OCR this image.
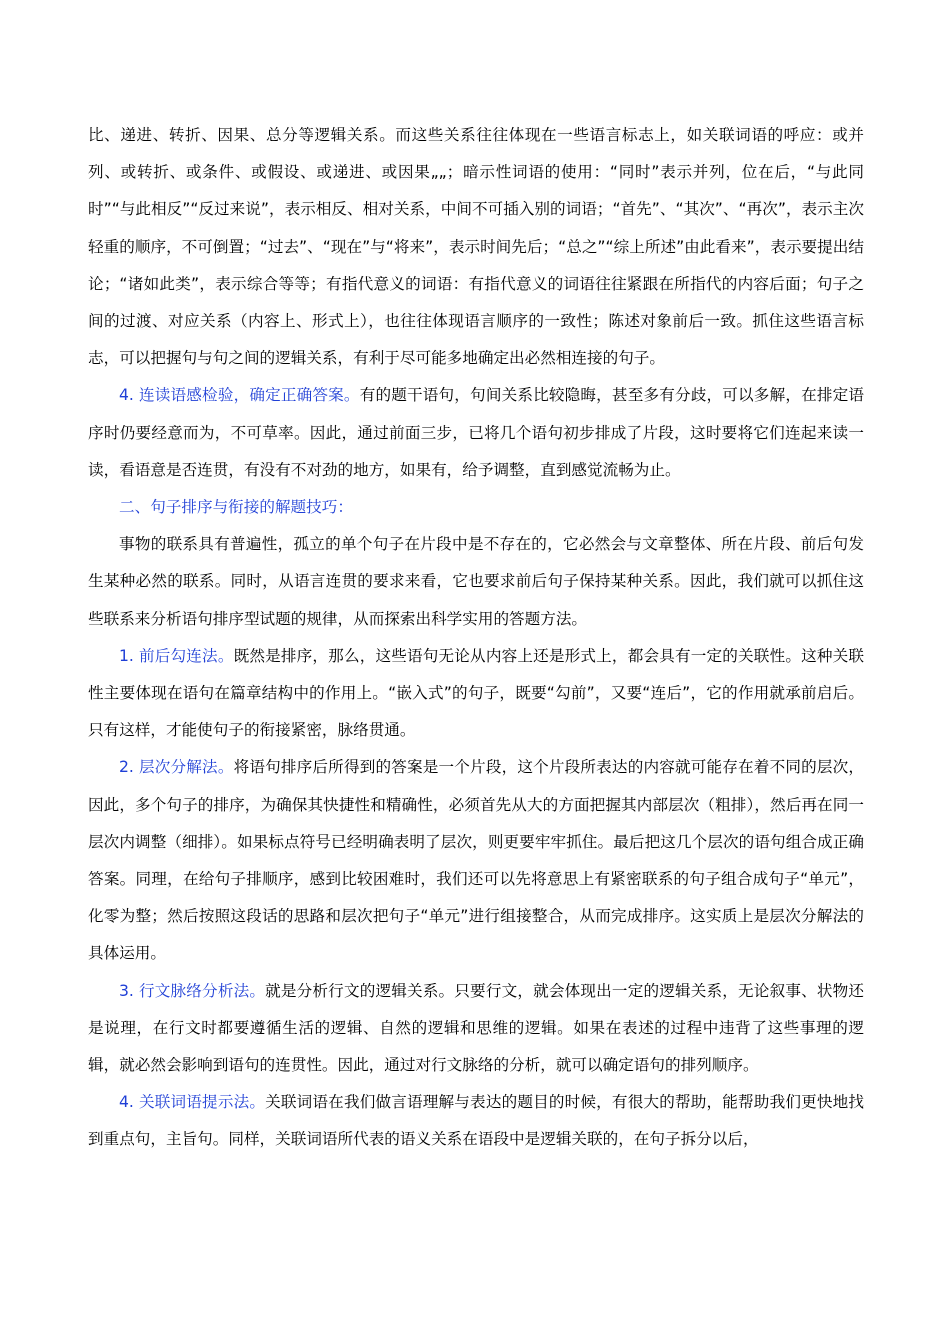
比、递进、转折、因果、总分等逻辑关系。而这些关系往往体现在一些语言标志上，如关联词语的呼应：或并列、或转折、或条件、或假设、或递进、或因果„„；暗示性词语的使用：“同时”表示并列，位在后，“与此同时”“与此相反”“反过来说”，表示相反、相对关系，中间不可插入别的词语；“首先”、“其次”、“再次”，表示主次轻重的顺序，不可倒置；“过去”、“现在”与“将来”，表示时间先后；“总之”“综上所述”由此看来”，表示要提出结论；“诸如此类”，表示综合等等；有指代意义的词语：有指代意义的词语往往紧跟在所指代的内容后面；句子之间的过渡、对应关系（内容上、形式上），也往往体现语言顺序的一致性；陈述对象前后一致。抓住这些语言标志，可以把握句与句之间的逻辑关系，有利于尽可能多地确定出必然相连接的句子。

4. 连读语感检验，确定正确答案。有的题干语句，句间关系比较隐晦，甚至多有分歧，可以多解，在排定语序时仍要经意而为，不可草率。因此，通过前面三步，已将几个语句初步排成了片段，这时要将它们连起来读一读，看语意是否连贯，有没有不对劲的地方，如果有，给予调整，直到感觉流畅为止。

二、句子排序与衔接的解题技巧：

事物的联系具有普遍性，孤立的单个句子在片段中是不存在的，它必然会与文章整体、所在片段、前后句发生某种必然的联系。同时，从语言连贯的要求来看，它也要求前后句子保持某种关系。因此，我们就可以抓住这些联系来分析语句排序型试题的规律，从而探索出科学实用的答题方法。

1. 前后勾连法。既然是排序，那么，这些语句无论从内容上还是形式上，都会具有一定的关联性。这种关联性主要体现在语句在篇章结构中的作用上。“嵌入式”的句子，既要“勾前”，又要“连后”，它的作用就承前启后。只有这样，才能使句子的衔接紧密，脉络贯通。

2. 层次分解法。将语句排序后所得到的答案是一个片段，这个片段所表达的内容就可能存在着不同的层次，因此，多个句子的排序，为确保其快捷性和精确性，必须首先从大的方面把握其内部层次（粗排），然后再在同一层次内调整（细排）。如果标点符号已经明确表明了层次，则更要牢牢抓住。最后把这几个层次的语句组合成正确答案。同理，在给句子排顺序，感到比较困难时，我们还可以先将意思上有紧密联系的句子组合成句子“单元”，化零为整；然后按照这段话的思路和层次把句子“单元”进行组接整合，从而完成排序。这实质上是层次分解法的具体运用。

3. 行文脉络分析法。就是分析行文的逻辑关系。只要行文，就会体现出一定的逻辑关系，无论叙事、状物还是说理，在行文时都要遵循生活的逻辑、自然的逻辑和思维的逻辑。如果在表述的过程中违背了这些事理的逻辑，就必然会影响到语句的连贯性。因此，通过对行文脉络的分析，就可以确定语句的排列顺序。

4. 关联词语提示法。关联词语在我们做言语理解与表达的题目的时候，有很大的帮助，能帮助我们更快地找到重点句，主旨句。同样，关联词语所代表的语义关系在语段中是逻辑关联的，在句子拆分以后，
